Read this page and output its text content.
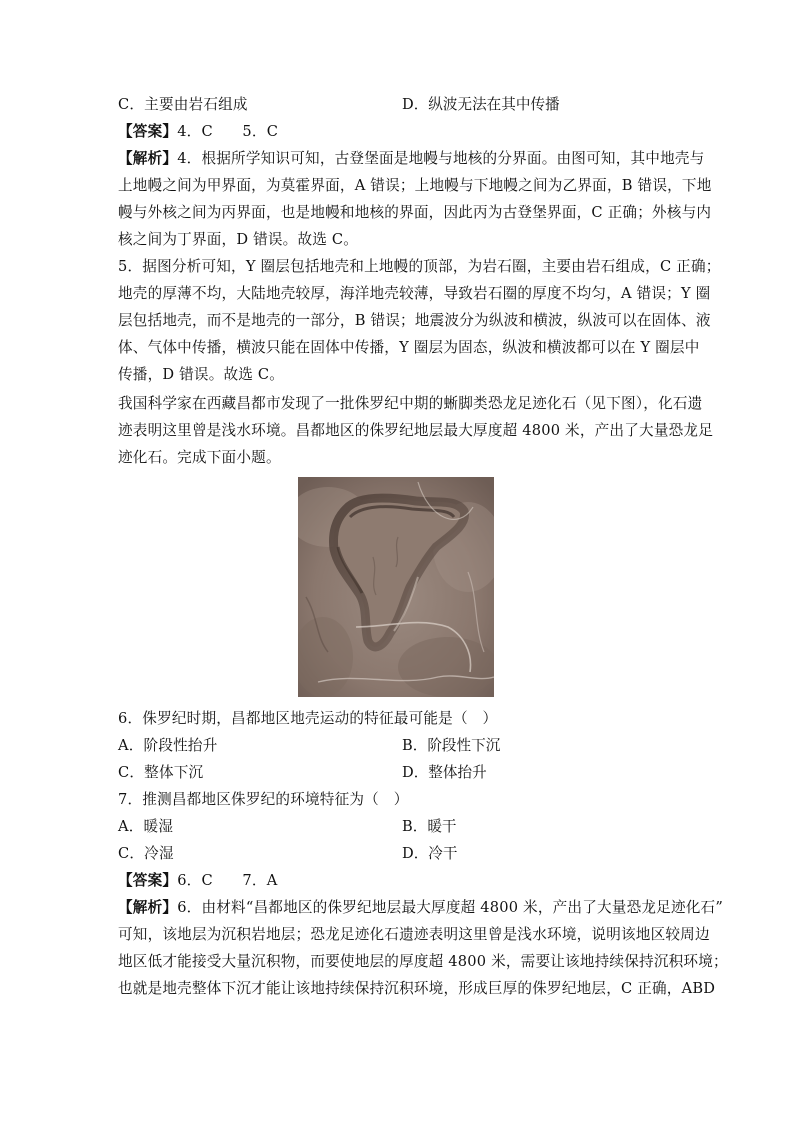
C．主要由岩石组成	D．纵波无法在其中传播
【答案】4．C　　5．C
【解析】4．根据所学知识可知，古登堡面是地幔与地核的分界面。由图可知，其中地壳与
上地幔之间为甲界面，为莫霍界面，A 错误；上地幔与下地幔之间为乙界面，B 错误，下地
幔与外核之间为丙界面，也是地幔和地核的界面，因此丙为古登堡界面，C 正确；外核与内
核之间为丁界面，D 错误。故选 C。
5．据图分析可知，Y 圈层包括地壳和上地幔的顶部，为岩石圈，主要由岩石组成，C 正确；
地壳的厚薄不均，大陆地壳较厚，海洋地壳较薄，导致岩石圈的厚度不均匀，A 错误；Y 圈
层包括地壳，而不是地壳的一部分，B 错误；地震波分为纵波和横波，纵波可以在固体、液
体、气体中传播，横波只能在固体中传播，Y 圈层为固态，纵波和横波都可以在 Y 圈层中
传播，D 错误。故选 C。
我国科学家在西藏昌都市发现了一批侏罗纪中期的蜥脚类恐龙足迹化石（见下图），化石遗
迹表明这里曾是浅水环境。昌都地区的侏罗纪地层最大厚度超 4800 米，产出了大量恐龙足
迹化石。完成下面小题。
6．侏罗纪时期，昌都地区地壳运动的特征最可能是（　）
A．阶段性抬升	B．阶段性下沉
C．整体下沉	D．整体抬升
7．推测昌都地区侏罗纪的环境特征为（　）
A．暖湿	B．暖干
C．冷湿	D．冷干
【答案】6．C　　7．A
【解析】6．由材料“昌都地区的侏罗纪地层最大厚度超 4800 米，产出了大量恐龙足迹化石”
可知，该地层为沉积岩地层；恐龙足迹化石遗迹表明这里曾是浅水环境，说明该地区较周边
地区低才能接受大量沉积物，而要使地层的厚度超 4800 米，需要让该地持续保持沉积环境；
也就是地壳整体下沉才能让该地持续保持沉积环境，形成巨厚的侏罗纪地层，C 正确，ABD
